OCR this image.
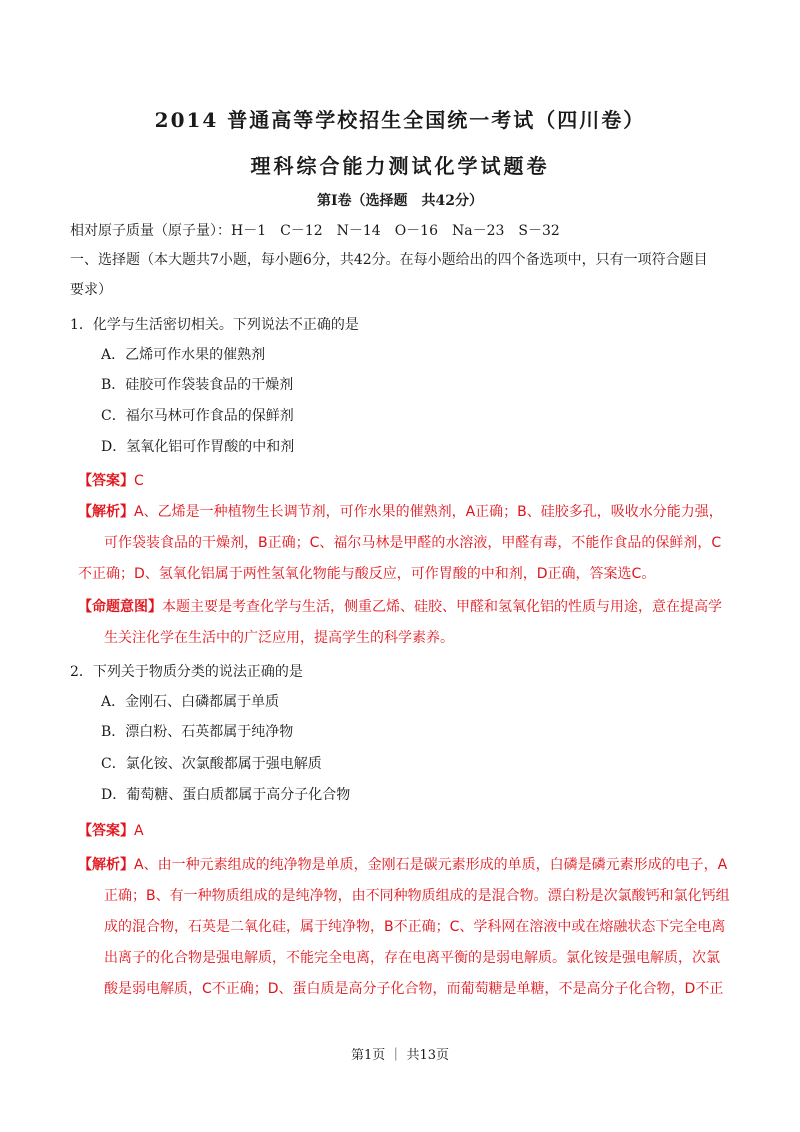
2014 普通高等学校招生全国统一考试（四川卷）
理科综合能力测试化学试题卷
第Ⅰ卷（选择题　共42分）
相对原子质量（原子量）：H－1　C－12　N－14　O－16　Na－23　S－32
一、选择题（本大题共7小题，每小题6分，共42分。在每小题给出的四个备选项中，只有一项符合题目
要求）
1．化学与生活密切相关。下列说法不正确的是
A．乙烯可作水果的催熟剂
B．硅胶可作袋装食品的干燥剂
C．福尔马林可作食品的保鲜剂
D．氢氧化铝可作胃酸的中和剂
【答案】C
【解析】A、乙烯是一种植物生长调节剂，可作水果的催熟剂，A正确；B、硅胶多孔，吸收水分能力强，
可作袋装食品的干燥剂，B正确；C、福尔马林是甲醛的水溶液，甲醛有毒，不能作食品的保鲜剂，C
不正确；D、氢氧化铝属于两性氢氧化物能与酸反应，可作胃酸的中和剂，D正确，答案选C。
【命题意图】本题主要是考查化学与生活，侧重乙烯、硅胶、甲醛和氢氧化铝的性质与用途，意在提高学
生关注化学在生活中的广泛应用，提高学生的科学素养。
2．下列关于物质分类的说法正确的是
A．金刚石、白磷都属于单质
B．漂白粉、石英都属于纯净物
C．氯化铵、次氯酸都属于强电解质
D．葡萄糖、蛋白质都属于高分子化合物
【答案】A
【解析】A、由一种元素组成的纯净物是单质，金刚石是碳元素形成的单质，白磷是磷元素形成的电子，A
正确；B、有一种物质组成的是纯净物，由不同种物质组成的是混合物。漂白粉是次氯酸钙和氯化钙组
成的混合物，石英是二氧化硅，属于纯净物，B不正确；C、学科网在溶液中或在熔融状态下完全电离
出离子的化合物是强电解质，不能完全电离，存在电离平衡的是弱电解质。氯化铵是强电解质，次氯
酸是弱电解质，C不正确；D、蛋白质是高分子化合物，而葡萄糖是单糖，不是高分子化合物，D不正
第1页 ｜ 共13页
